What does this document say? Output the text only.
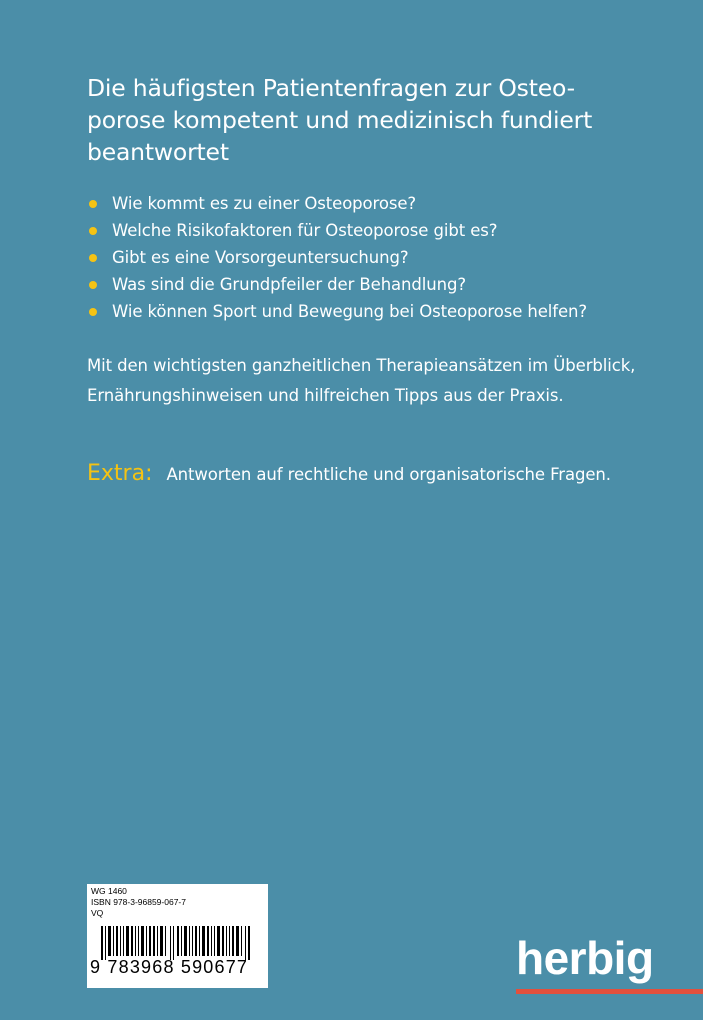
Die häufigsten Patientenfragen zur Osteo-porose kompetent und medizinisch fundiert beantwortet
Wie kommt es zu einer Osteoporose?
Welche Risikofaktoren für Osteoporose gibt es?
Gibt es eine Vorsorgeuntersuchung?
Was sind die Grundpfeiler der Behandlung?
Wie können Sport und Bewegung bei Osteoporose helfen?

Mit den wichtigsten ganzheitlichen Therapieansätzen im Überblick, Ernährungshinweisen und hilfreichen Tipps aus der Praxis.

Extra: Antworten auf rechtliche und organisatorische Fragen.
WG 1460
ISBN 978-3-96859-067-7
VQ
9 783968 590677	herbig
